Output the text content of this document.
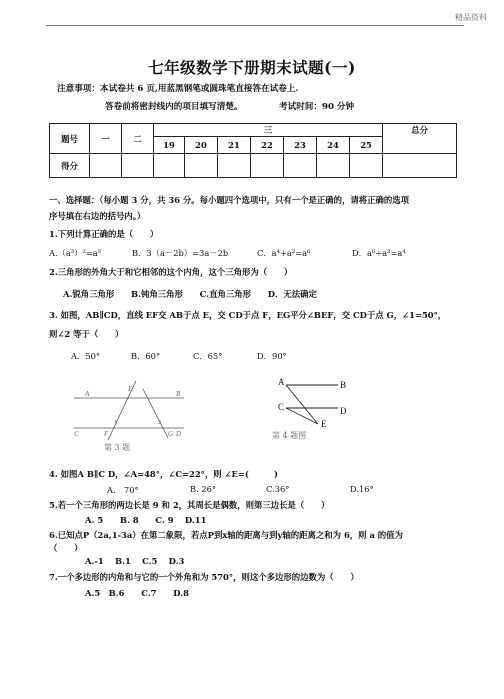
精品资料
七年级数学下册期末试题(一)
注意事项：本试卷共 6 页,用蓝黑钢笔或圆珠笔直接答在试卷上.
答卷前将密封线内的项目填写清楚。	考试时间：90 分钟
题号	一	二	三							总分
			19	20	21	22	23	24	25	
得分										
一、选择题：（每小题 3 分，共 36 分。每小题四个选项中，只有一个是正确的，请将正确的选项
序号填在右边的括号内。）
1.下列计算正确的是（　　）
A.（a³）²=a⁵	B．3（a－2b）=3a－2b	C．a⁴+a²=a⁶	D．a⁶÷a²=a⁴
2.三角形的外角大于和它相邻的这个内角，这个三角形为（　　）
A.锐角三角形　　B.钝角三角形　　C.直角三角形　　D．无法确定
3. 如图，AB∥CD，直线 EF交 AB于点 E，交 CD于点 F，EG平分∠BEF，交 CD于点 G，∠1=50°，
则∠2 等于（　　）
A．50°	B．60°	C．65°	D．90°
E
A	B
1	2
C	F	G D
第 3 题
A	B
C	D
E
第 4 题图
4. 如图A B∥C D，∠A=48°，∠C=22°，则 ∠E=(　　　)
A.　70°	B. 26°	C.36°	D.16°
5.若一个三角形的两边长是 9 和 2，其周长是偶数，则第三边长是（　　）
A. 5　　B. 8　　C. 9　 D.11
6.已知点P（2a,1-3a）在第二象限，若点P到x轴的距离与到y轴的距离之和为 6，则 a 的值为
（　　）
A.-1　 B.1　 C.5　 D.3
7.一个多边形的内角和与它的一个外角和为 570°，则这个多边形的边数为（　　）
A.5　B.6　　C.7　　D.8
